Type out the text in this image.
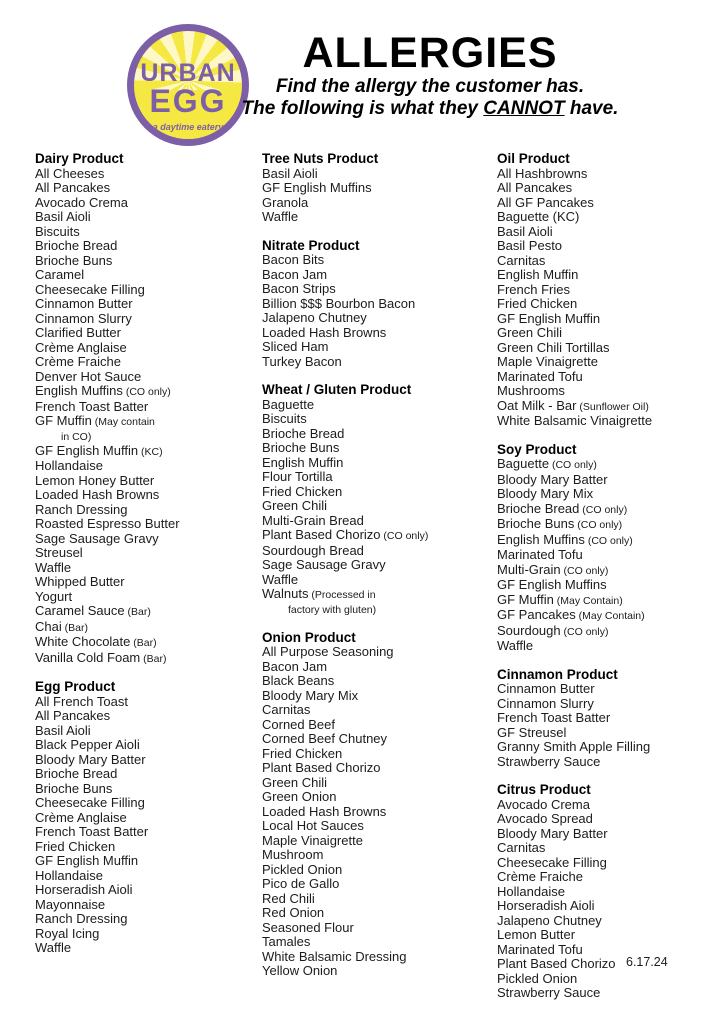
URBAN
EGG
a daytime eatery
ALLERGIES
Find the allergy the customer has.
The following is what they CANNOT have.
Dairy Product
All Cheeses
All Pancakes
Avocado Crema
Basil Aioli
Biscuits
Brioche Bread
Brioche Buns
Caramel
Cheesecake Filling
Cinnamon Butter
Cinnamon Slurry
Clarified Butter
Crème Anglaise
Crème Fraiche
Denver Hot Sauce
English Muffins (CO only)
French Toast Batter
GF Muffin (May contain
in CO)
GF English Muffin (KC)
Hollandaise
Lemon Honey Butter
Loaded Hash Browns
Ranch Dressing
Roasted Espresso Butter
Sage Sausage Gravy
Streusel
Waffle
Whipped Butter
Yogurt
Caramel Sauce (Bar)
Chai (Bar)
White Chocolate (Bar)
Vanilla Cold Foam (Bar)
Egg Product
All French Toast
All Pancakes
Basil Aioli
Black Pepper Aioli
Bloody Mary Batter
Brioche Bread
Brioche Buns
Cheesecake Filling
Crème Anglaise
French Toast Batter
Fried Chicken
GF English Muffin
Hollandaise
Horseradish Aioli
Mayonnaise
Ranch Dressing
Royal Icing
Waffle
Tree Nuts Product
Basil Aioli
GF English Muffins
Granola
Waffle
Nitrate Product
Bacon Bits
Bacon Jam
Bacon Strips
Billion $$$ Bourbon Bacon
Jalapeno Chutney
Loaded Hash Browns
Sliced Ham
Turkey Bacon
Wheat / Gluten Product
Baguette
Biscuits
Brioche Bread
Brioche Buns
English Muffin
Flour Tortilla
Fried Chicken
Green Chili
Multi-Grain Bread
Plant Based Chorizo (CO only)
Sourdough Bread
Sage Sausage Gravy
Waffle
Walnuts (Processed in
factory with gluten)
Onion Product
All Purpose Seasoning
Bacon Jam
Black Beans
Bloody Mary Mix
Carnitas
Corned Beef
Corned Beef Chutney
Fried Chicken
Plant Based Chorizo
Green Chili
Green Onion
Loaded Hash Browns
Local Hot Sauces
Maple Vinaigrette
Mushroom
Pickled Onion
Pico de Gallo
Red Chili
Red Onion
Seasoned Flour
Tamales
White Balsamic Dressing
Yellow Onion
Oil Product
All Hashbrowns
All Pancakes
All GF Pancakes
Baguette (KC)
Basil Aioli
Basil Pesto
Carnitas
English Muffin
French Fries
Fried Chicken
GF English Muffin
Green Chili
Green Chili Tortillas
Maple Vinaigrette
Marinated Tofu
Mushrooms
Oat Milk - Bar (Sunflower Oil)
White Balsamic Vinaigrette
Soy Product
Baguette (CO only)
Bloody Mary Batter
Bloody Mary Mix
Brioche Bread (CO only)
Brioche Buns (CO only)
English Muffins (CO only)
Marinated Tofu
Multi-Grain (CO only)
GF English Muffins
GF Muffin (May Contain)
GF Pancakes (May Contain)
Sourdough (CO only)
Waffle
Cinnamon Product
Cinnamon Butter
Cinnamon Slurry
French Toast Batter
GF Streusel
Granny Smith Apple Filling
Strawberry Sauce
Citrus Product
Avocado Crema
Avocado Spread
Bloody Mary Batter
Carnitas
Cheesecake Filling
Crème Fraiche
Hollandaise
Horseradish Aioli
Jalapeno Chutney
Lemon Butter
Marinated Tofu
Plant Based Chorizo
Pickled Onion
Strawberry Sauce
6.17.24
